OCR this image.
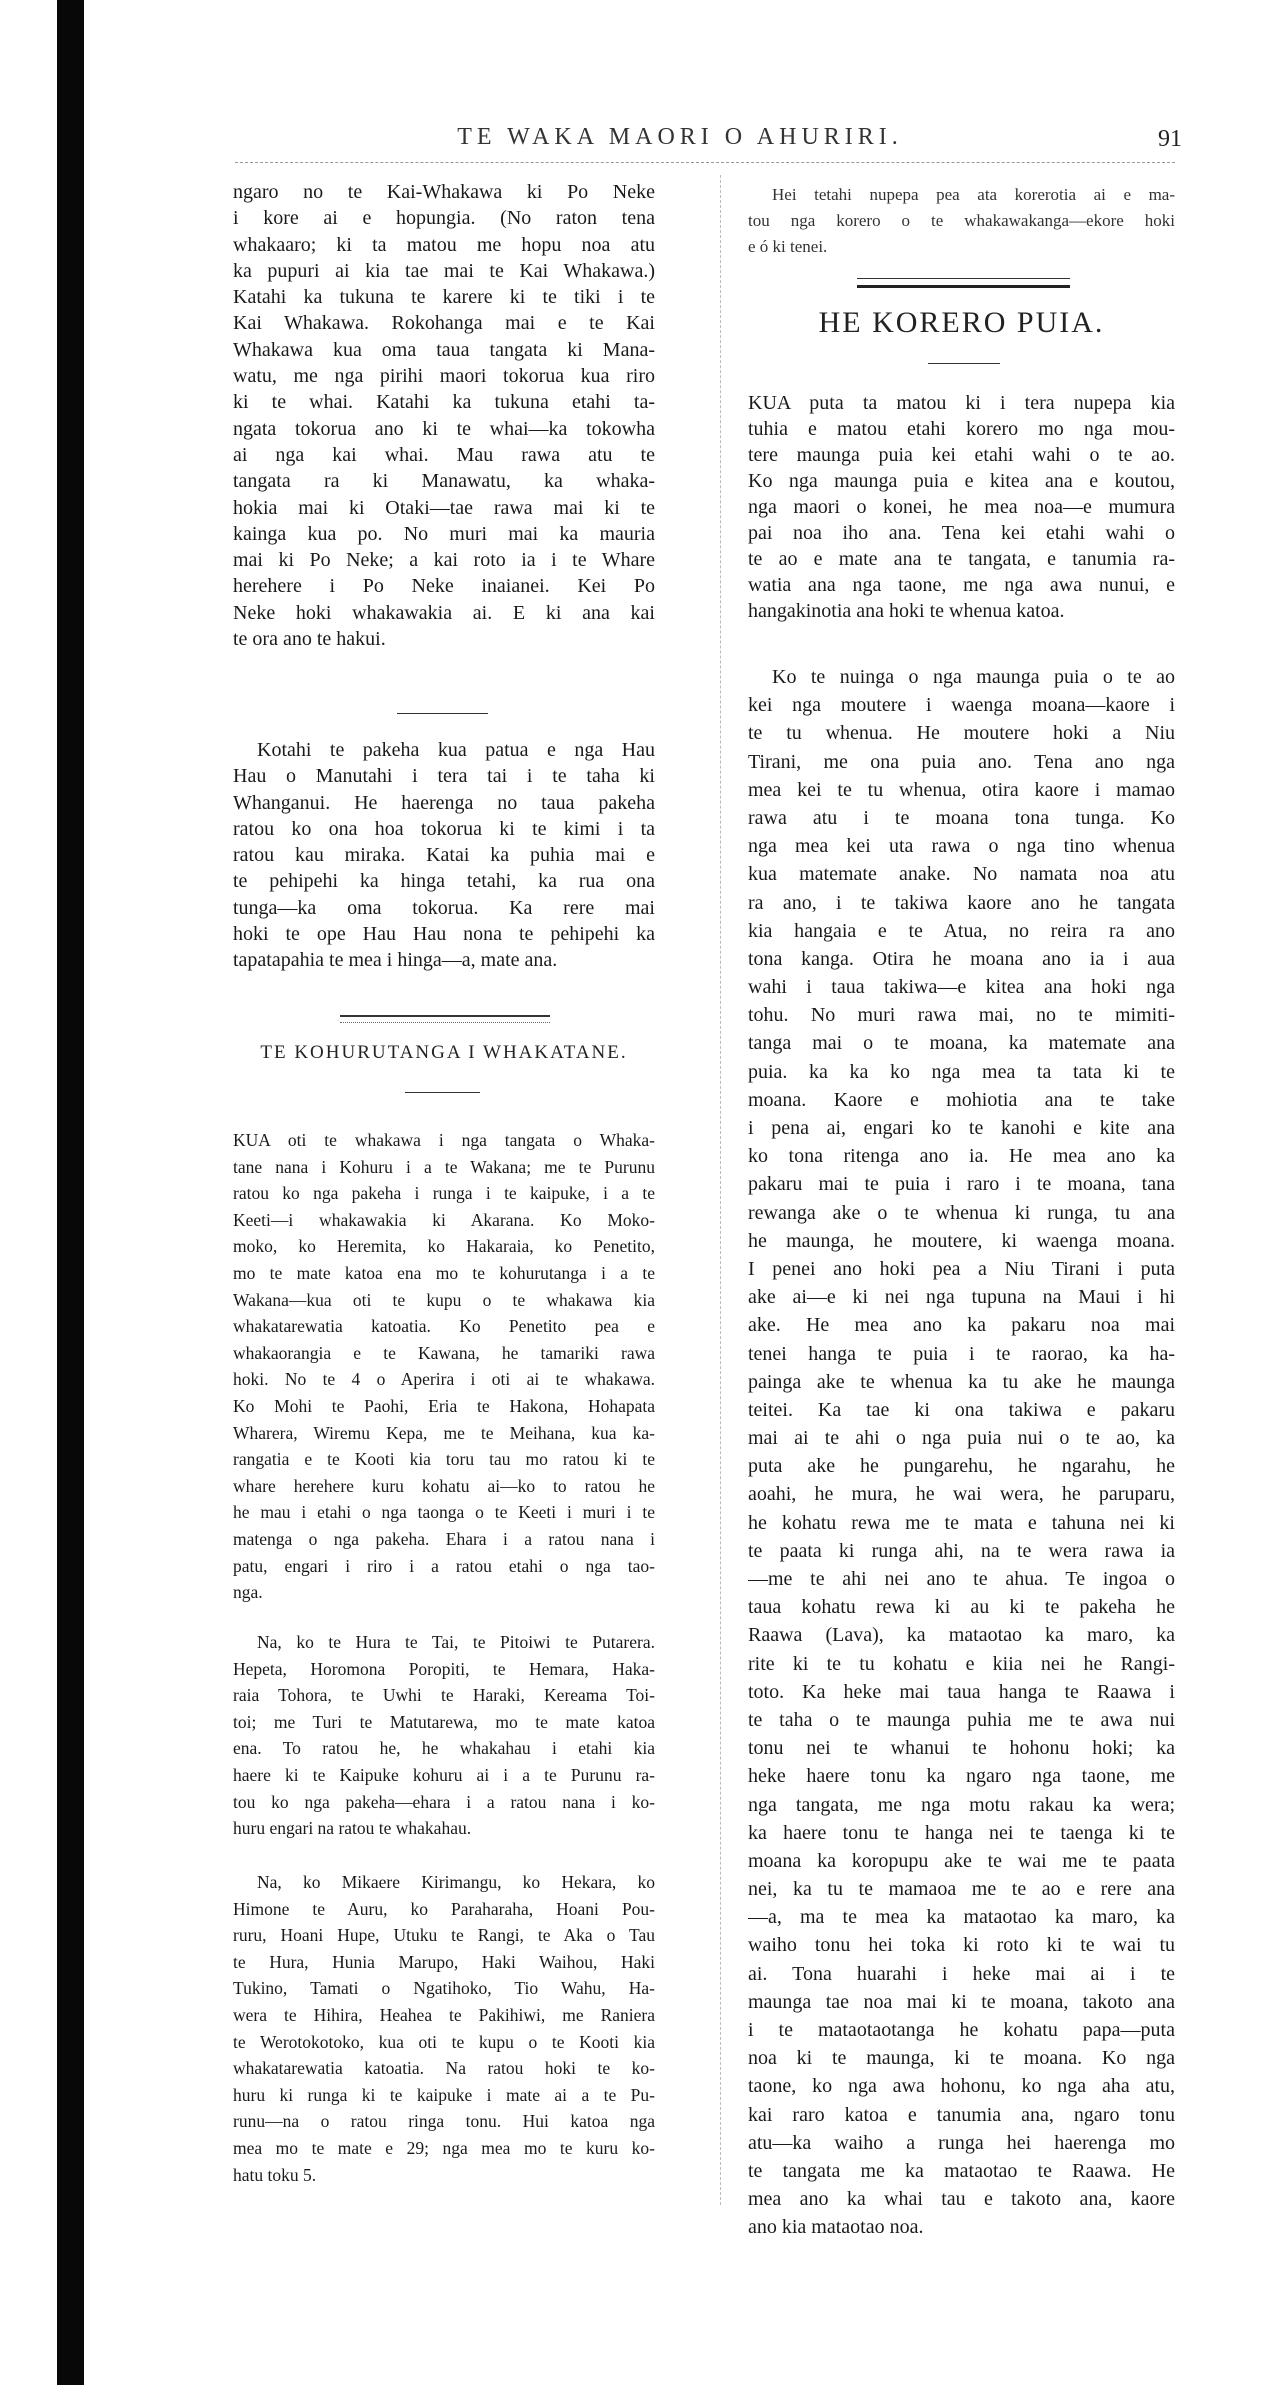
TE WAKA MAORI O AHURIRI.	91
ngaro no te Kai-Whakawa ki Po Neke
i kore ai e hopungia. (No raton tena
whakaaro; ki ta matou me hopu noa atu
ka pupuri ai kia tae mai te Kai Whakawa.)
Katahi ka tukuna te karere ki te tiki i te
Kai Whakawa. Rokohanga mai e te Kai
Whakawa kua oma taua tangata ki Mana-
watu, me nga pirihi maori tokorua kua riro
ki te whai. Katahi ka tukuna etahi ta-
ngata tokorua ano ki te whai—ka tokowha
ai nga kai whai. Mau rawa atu te
tangata ra ki Manawatu, ka whaka-
hokia mai ki Otaki—tae rawa mai ki te
kainga kua po. No muri mai ka mauria
mai ki Po Neke; a kai roto ia i te Whare
herehere i Po Neke inaianei. Kei Po
Neke hoki whakawakia ai. E ki ana kai
te ora ano te hakui.
Kotahi te pakeha kua patua e nga Hau
Hau o Manutahi i tera tai i te taha ki
Whanganui. He haerenga no taua pakeha
ratou ko ona hoa tokorua ki te kimi i ta
ratou kau miraka. Katai ka puhia mai e
te pehipehi ka hinga tetahi, ka rua ona
tunga—ka oma tokorua. Ka rere mai
hoki te ope Hau Hau nona te pehipehi ka
tapatapahia te mea i hinga—a, mate ana.
TE KOHURUTANGA I WHAKATANE.
KUA oti te whakawa i nga tangata o Whaka-
tane nana i Kohuru i a te Wakana; me te Purunu
ratou ko nga pakeha i runga i te kaipuke, i a te
Keeti—i whakawakia ki Akarana. Ko Moko-
moko, ko Heremita, ko Hakaraia, ko Penetito,
mo te mate katoa ena mo te kohurutanga i a te
Wakana—kua oti te kupu o te whakawa kia
whakatarewatia katoatia. Ko Penetito pea e
whakaorangia e te Kawana, he tamariki rawa
hoki. No te 4 o Aperira i oti ai te whakawa.
Ko Mohi te Paohi, Eria te Hakona, Hohapata
Wharera, Wiremu Kepa, me te Meihana, kua ka-
rangatia e te Kooti kia toru tau mo ratou ki te
whare herehere kuru kohatu ai—ko to ratou he
he mau i etahi o nga taonga o te Keeti i muri i te
matenga o nga pakeha. Ehara i a ratou nana i
patu, engari i riro i a ratou etahi o nga tao-
nga.
Na, ko te Hura te Tai, te Pitoiwi te Putarera.
Hepeta, Horomona Poropiti, te Hemara, Haka-
raia Tohora, te Uwhi te Haraki, Kereama Toi-
toi; me Turi te Matutarewa, mo te mate katoa
ena. To ratou he, he whakahau i etahi kia
haere ki te Kaipuke kohuru ai i a te Purunu ra-
tou ko nga pakeha—ehara i a ratou nana i ko-
huru engari na ratou te whakahau.
Na, ko Mikaere Kirimangu, ko Hekara, ko
Himone te Auru, ko Paraharaha, Hoani Pou-
ruru, Hoani Hupe, Utuku te Rangi, te Aka o Tau
te Hura, Hunia Marupo, Haki Waihou, Haki
Tukino, Tamati o Ngatihoko, Tio Wahu, Ha-
wera te Hihira, Heahea te Pakihiwi, me Raniera
te Werotokotoko, kua oti te kupu o te Kooti kia
whakatarewatia katoatia. Na ratou hoki te ko-
huru ki runga ki te kaipuke i mate ai a te Pu-
runu—na o ratou ringa tonu. Hui katoa nga
mea mo te mate e 29; nga mea mo te kuru ko-
hatu toku 5.
Hei tetahi nupepa pea ata korerotia ai e ma-
tou nga korero o te whakawakanga—ekore hoki
e ó ki tenei.
HE KORERO PUIA.
KUA puta ta matou ki i tera nupepa kia
tuhia e matou etahi korero mo nga mou-
tere maunga puia kei etahi wahi o te ao.
Ko nga maunga puia e kitea ana e koutou,
nga maori o konei, he mea noa—e mumura
pai noa iho ana. Tena kei etahi wahi o
te ao e mate ana te tangata, e tanumia ra-
watia ana nga taone, me nga awa nunui, e
hangakinotia ana hoki te whenua katoa.
Ko te nuinga o nga maunga puia o te ao
kei nga moutere i waenga moana—kaore i
te tu whenua. He moutere hoki a Niu
Tirani, me ona puia ano. Tena ano nga
mea kei te tu whenua, otira kaore i mamao
rawa atu i te moana tona tunga. Ko
nga mea kei uta rawa o nga tino whenua
kua matemate anake. No namata noa atu
ra ano, i te takiwa kaore ano he tangata
kia hangaia e te Atua, no reira ra ano
tona kanga. Otira he moana ano ia i aua
wahi i taua takiwa—e kitea ana hoki nga
tohu. No muri rawa mai, no te mimiti-
tanga mai o te moana, ka matemate ana
puia. ka ka ko nga mea ta tata ki te
moana. Kaore e mohiotia ana te take
i pena ai, engari ko te kanohi e kite ana
ko tona ritenga ano ia. He mea ano ka
pakaru mai te puia i raro i te moana, tana
rewanga ake o te whenua ki runga, tu ana
he maunga, he moutere, ki waenga moana.
I penei ano hoki pea a Niu Tirani i puta
ake ai—e ki nei nga tupuna na Maui i hi
ake. He mea ano ka pakaru noa mai
tenei hanga te puia i te raorao, ka ha-
painga ake te whenua ka tu ake he maunga
teitei. Ka tae ki ona takiwa e pakaru
mai ai te ahi o nga puia nui o te ao, ka
puta ake he pungarehu, he ngarahu, he
aoahi, he mura, he wai wera, he paruparu,
he kohatu rewa me te mata e tahuna nei ki
te paata ki runga ahi, na te wera rawa ia
—me te ahi nei ano te ahua. Te ingoa o
taua kohatu rewa ki au ki te pakeha he
Raawa (Lava), ka mataotao ka maro, ka
rite ki te tu kohatu e kiia nei he Rangi-
toto. Ka heke mai taua hanga te Raawa i
te taha o te maunga puhia me te awa nui
tonu nei te whanui te hohonu hoki; ka
heke haere tonu ka ngaro nga taone, me
nga tangata, me nga motu rakau ka wera;
ka haere tonu te hanga nei te taenga ki te
moana ka koropupu ake te wai me te paata
nei, ka tu te mamaoa me te ao e rere ana
—a, ma te mea ka mataotao ka maro, ka
waiho tonu hei toka ki roto ki te wai tu
ai. Tona huarahi i heke mai ai i te
maunga tae noa mai ki te moana, takoto ana
i te mataotaotanga he kohatu papa—puta
noa ki te maunga, ki te moana. Ko nga
taone, ko nga awa hohonu, ko nga aha atu,
kai raro katoa e tanumia ana, ngaro tonu
atu—ka waiho a runga hei haerenga mo
te tangata me ka mataotao te Raawa. He
mea ano ka whai tau e takoto ana, kaore
ano kia mataotao noa.
